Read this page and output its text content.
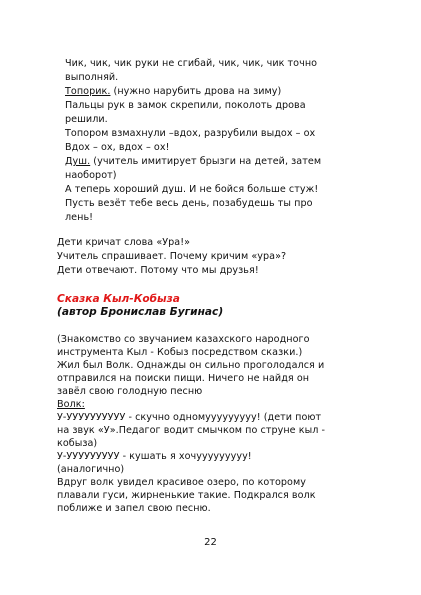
Чик, чик, чик руки не сгибай, чик, чик, чик точно
выполняй.
Топорик. (нужно нарубить дрова на зиму)
Пальцы рук в замок скрепили, поколоть дрова
решили.
Топором взмахнули –вдох, разрубили выдох – ох
Вдох – ох, вдох – ох!
Душ. (учитель имитирует брызги на детей, затем
наоборот)
А теперь хороший душ. И не бойся больше стуж!
Пусть везёт тебе весь день, позабудешь ты про
лень!
Дети кричат слова «Ура!»
Учитель спрашивает. Почему кричим «ура»?
Дети отвечают. Потому что мы друзья!
Сказка Кыл-Кобыза
(автор Бронислав Бугинас)
(Знакомство со звучанием казахского народного
инструмента Кыл - Кобыз посредством сказки.)
Жил был Волк. Однажды он сильно проголодался и
отправился на поиски пищи. Ничего не найдя он
завёл свою голодную песню
Волк:
У-УУУУУУУУУУ - скучно одномууууууууу! (дети поют
на звук «У».Педагог водит смычком по струне кыл -
кобыза)
У-УУУУУУУУУ - кушать я хочууууууууу!
(аналогично)
Вдруг волк увидел красивое озеро, по которому
плавали гуси, жирненькие такие. Подкрался волк
поближе и запел свою песню.
22
